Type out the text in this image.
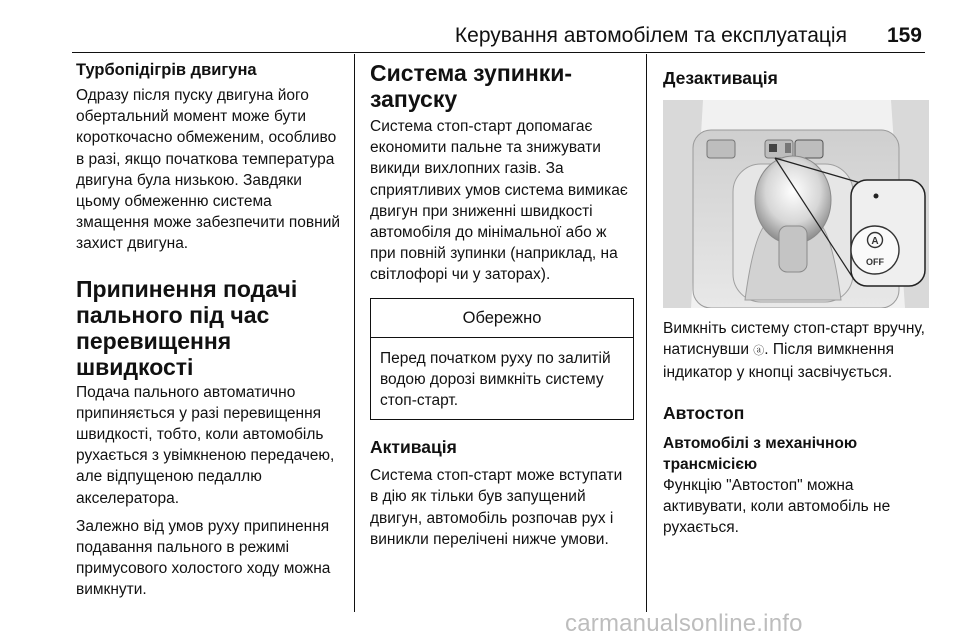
Керування автомобілем та експлуатація 159
Турбопідігрів двигуна

Одразу після пуску двигуна його обертальний момент може бути короткочасно обмеженим, особливо в разі, якщо початкова температура двигуна була низькою. Завдяки цьому обмеженню система змащення може забезпечити повний захист двигуна.

Припинення подачі пального під час перевищення швидкості

Подача пального автоматично припиняється у разі перевищення швидкості, тобто, коли автомобіль рухається з увімкненою передачею, але відпущеною педаллю акселератора.

Залежно від умов руху припинення подавання пального в режимі примусового холостого ходу можна вимкнути.

Система зупинки-запуску

Система стоп-старт допомагає економити пальне та знижувати викиди вихлопних газів. За сприятливих умов система вимикає двигун при зниженні швидкості автомобіля до мінімальної або ж при повній зупинки (наприклад, на світлофорі чи у заторах).

Обережно

Перед початком руху по залитій водою дорозі вимкніть систему стоп-старт.

Активація

Система стоп-старт може вступати в дію як тільки був запущений двигун, автомобіль розпочав рух і виникли перелічені нижче умови.

Дезактивація
A
OFF

Вимкніть систему стоп-старт вручну, натиснувши ⓐ. Після вимкнення індикатор у кнопці засвічується.

Автостоп
Автомобілі з механічною трансмісією

Функцію "Автостоп" можна активувати, коли автомобіль не рухається.

carmanualsonline.info
